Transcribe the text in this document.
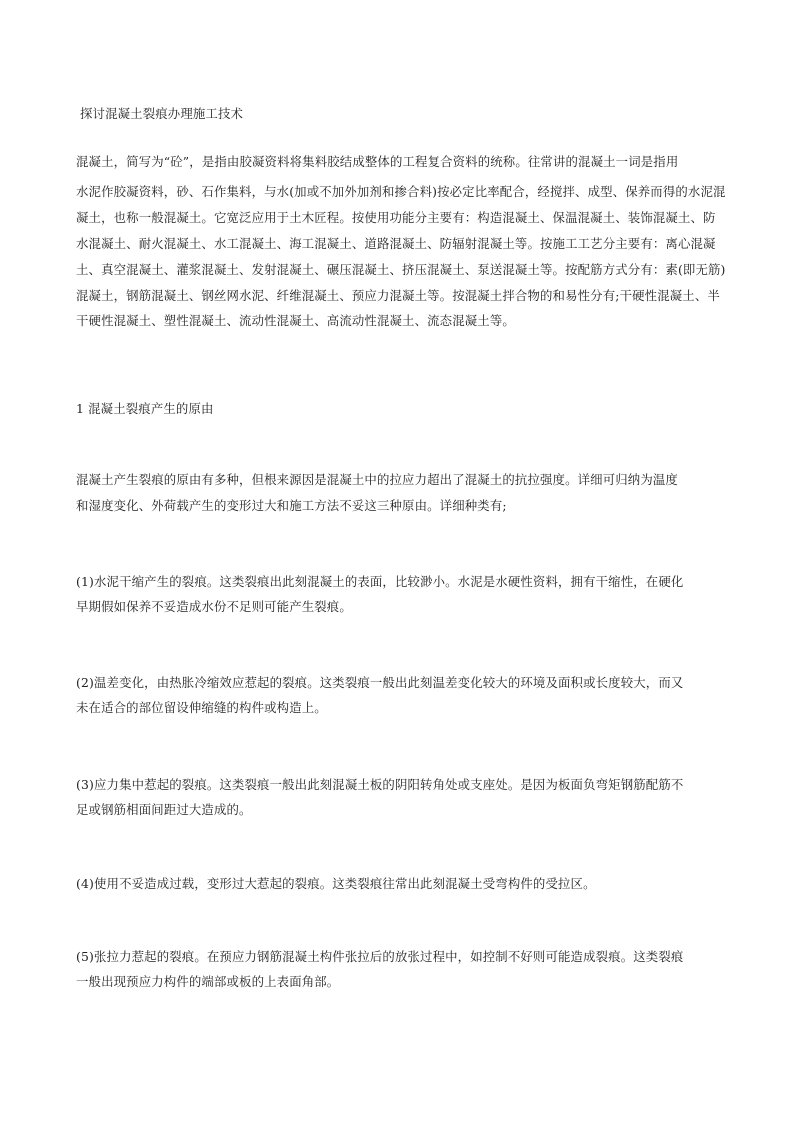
探讨混凝土裂痕办理施工技术
混凝土，简写为“砼”，是指由胶凝资料将集料胶结成整体的工程复合资料的统称。往常讲的混凝土一词是指用
水泥作胶凝资料，砂、石作集料，与水(加或不加外加剂和掺合料)按必定比率配合，经搅拌、成型、保养而得的水泥混
凝土，也称一般混凝土。它宽泛应用于土木匠程。按使用功能分主要有：构造混凝土、保温混凝土、装饰混凝土、防
水混凝土、耐火混凝土、水工混凝土、海工混凝土、道路混凝土、防辐射混凝土等。按施工工艺分主要有：离心混凝
土、真空混凝土、灌浆混凝土、发射混凝土、碾压混凝土、挤压混凝土、泵送混凝土等。按配筋方式分有：素(即无筋)
混凝土，钢筋混凝土、钢丝网水泥、纤维混凝土、预应力混凝土等。按混凝土拌合物的和易性分有;干硬性混凝土、半
干硬性混凝土、塑性混凝土、流动性混凝土、高流动性混凝土、流态混凝土等。
1 混凝土裂痕产生的原由
混凝土产生裂痕的原由有多种，但根来源因是混凝土中的拉应力超出了混凝土的抗拉强度。详细可归纳为温度
和湿度变化、外荷载产生的变形过大和施工方法不妥这三种原由。详细种类有;
(1)水泥干缩产生的裂痕。这类裂痕出此刻混凝土的表面，比较渺小。水泥是水硬性资料，拥有干缩性，在硬化
早期假如保养不妥造成水份不足则可能产生裂痕。
(2)温差变化，由热胀冷缩效应惹起的裂痕。这类裂痕一般出此刻温差变化较大的环境及面积或长度较大，而又
未在适合的部位留设伸缩缝的构件或构造上。
(3)应力集中惹起的裂痕。这类裂痕一般出此刻混凝土板的阴阳转角处或支座处。是因为板面负弯矩钢筋配筋不
足或钢筋相面间距过大造成的。
(4)使用不妥造成过载，变形过大惹起的裂痕。这类裂痕往常出此刻混凝土受弯构件的受拉区。
(5)张拉力惹起的裂痕。在预应力钢筋混凝土构件张拉后的放张过程中，如控制不好则可能造成裂痕。这类裂痕
一般出现预应力构件的端部或板的上表面角部。
